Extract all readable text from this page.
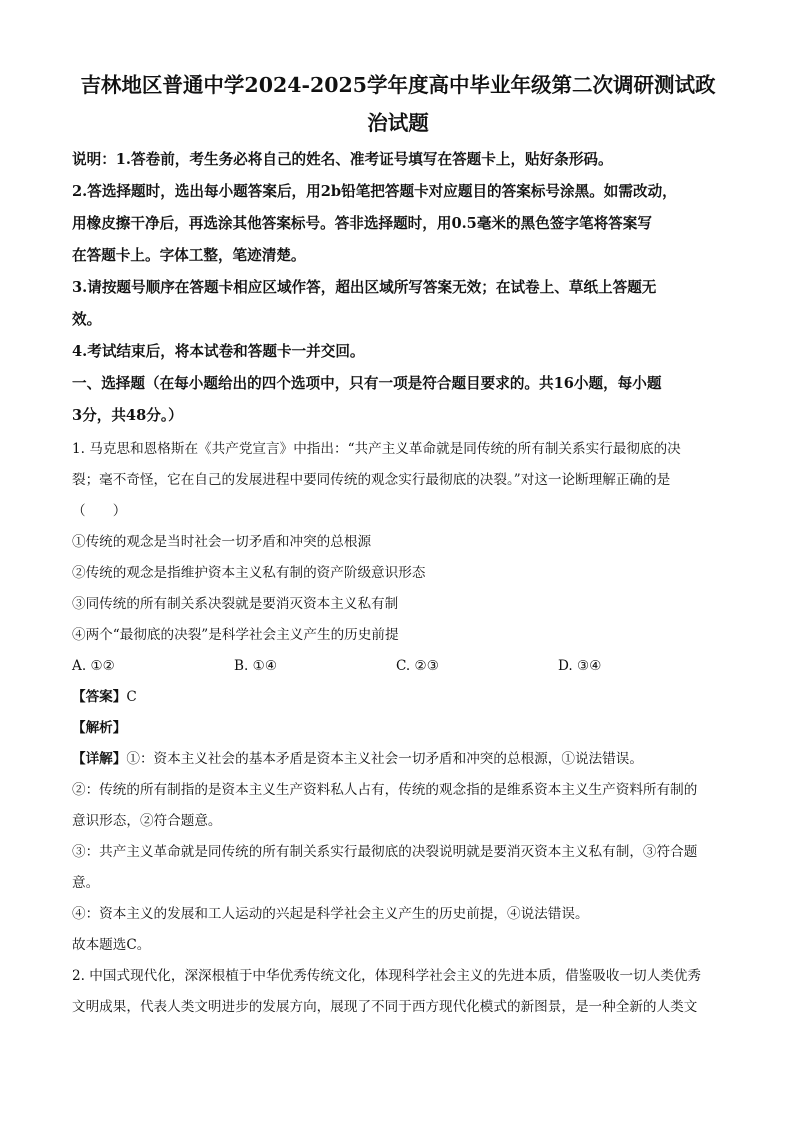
吉林地区普通中学2024-2025学年度高中毕业年级第二次调研测试政

治试题

说明：1.答卷前，考生务必将自己的姓名、准考证号填写在答题卡上，贴好条形码。

2.答选择题时，选出每小题答案后，用2b铅笔把答题卡对应题目的答案标号涂黑。如需改动，

用橡皮擦干净后，再选涂其他答案标号。答非选择题时，用0.5毫米的黑色签字笔将答案写

在答题卡上。字体工整，笔迹清楚。

3.请按题号顺序在答题卡相应区域作答，超出区域所写答案无效；在试卷上、草纸上答题无

效。

4.考试结束后，将本试卷和答题卡一并交回。

一、选择题（在每小题给出的四个选项中，只有一项是符合题目要求的。共16小题，每小题

3分，共48分。）

1. 马克思和恩格斯在《共产党宣言》中指出：“共产主义革命就是同传统的所有制关系实行最彻底的决

裂；毫不奇怪，它在自己的发展进程中要同传统的观念实行最彻底的决裂。”对这一论断理解正确的是

（　　）

①传统的观念是当时社会一切矛盾和冲突的总根源

②传统的观念是指维护资本主义私有制的资产阶级意识形态

③同传统的所有制关系决裂就是要消灭资本主义私有制

④两个“最彻底的决裂”是科学社会主义产生的历史前提

A. ①②	B. ①④	C. ②③	D. ③④

【答案】C

【解析】

【详解】①：资本主义社会的基本矛盾是资本主义社会一切矛盾和冲突的总根源，①说法错误。

②：传统的所有制指的是资本主义生产资料私人占有，传统的观念指的是维系资本主义生产资料所有制的

意识形态，②符合题意。

③：共产主义革命就是同传统的所有制关系实行最彻底的决裂说明就是要消灭资本主义私有制，③符合题

意。

④：资本主义的发展和工人运动的兴起是科学社会主义产生的历史前提，④说法错误。

故本题选C。

2. 中国式现代化，深深根植于中华优秀传统文化，体现科学社会主义的先进本质，借鉴吸收一切人类优秀

文明成果，代表人类文明进步的发展方向，展现了不同于西方现代化模式的新图景，是一种全新的人类文
